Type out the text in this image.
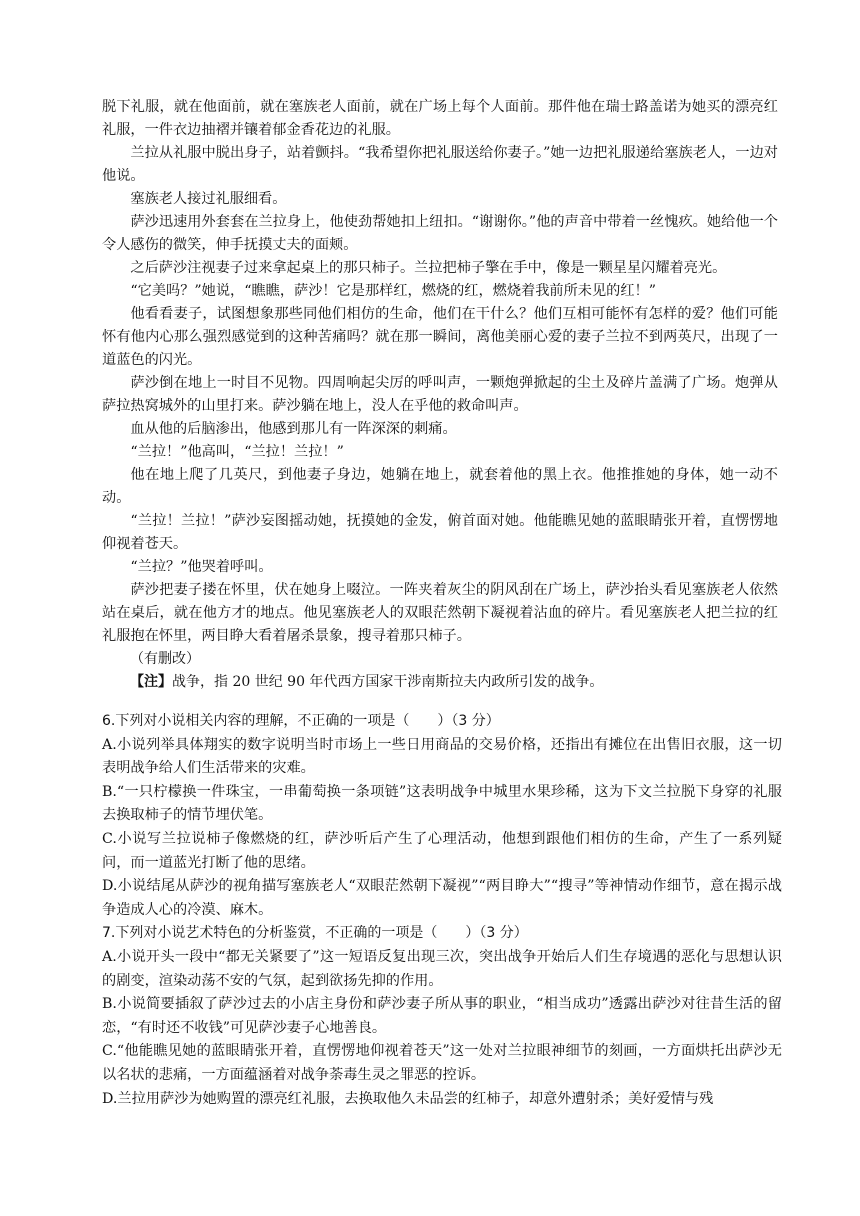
脱下礼服，就在他面前，就在塞族老人面前，就在广场上每个人面前。那件他在瑞士路盖诺为她买的漂亮红礼服，一件衣边抽褶并镶着郁金香花边的礼服。

兰拉从礼服中脱出身子，站着颤抖。“我希望你把礼服送给你妻子。”她一边把礼服递给塞族老人，一边对他说。

塞族老人接过礼服细看。

萨沙迅速用外套套在兰拉身上，他使劲帮她扣上纽扣。“谢谢你。”他的声音中带着一丝愧疚。她给他一个令人感伤的微笑，伸手抚摸丈夫的面颊。

之后萨沙注视妻子过来拿起桌上的那只柿子。兰拉把柿子擎在手中，像是一颗星星闪耀着亮光。

“它美吗？”她说，“瞧瞧，萨沙！它是那样红，燃烧的红，燃烧着我前所未见的红！”

他看看妻子，试图想象那些同他们相仿的生命，他们在干什么？他们互相可能怀有怎样的爱？他们可能怀有他内心那么强烈感觉到的这种苦痛吗？就在那一瞬间，离他美丽心爱的妻子兰拉不到两英尺，出现了一道蓝色的闪光。

萨沙倒在地上一时目不见物。四周响起尖厉的呼叫声，一颗炮弹掀起的尘土及碎片盖满了广场。炮弹从萨拉热窝城外的山里打来。萨沙躺在地上，没人在乎他的救命叫声。

血从他的后脑渗出，他感到那儿有一阵深深的刺痛。

“兰拉！”他高叫，“兰拉！兰拉！”

他在地上爬了几英尺，到他妻子身边，她躺在地上，就套着他的黑上衣。他推推她的身体，她一动不动。

“兰拉！兰拉！”萨沙妄图摇动她，抚摸她的金发，俯首面对她。他能瞧见她的蓝眼睛张开着，直愣愣地仰视着苍天。

“兰拉？”他哭着呼叫。

萨沙把妻子搂在怀里，伏在她身上啜泣。一阵夹着灰尘的阴风刮在广场上，萨沙抬头看见塞族老人依然站在桌后，就在他方才的地点。他见塞族老人的双眼茫然朝下凝视着沾血的碎片。看见塞族老人把兰拉的红礼服抱在怀里，两目睁大看着屠杀景象，搜寻着那只柿子。

（有删改）

【注】战争，指 20 世纪 90 年代西方国家干涉南斯拉夫内政所引发的战争。

6.下列对小说相关内容的理解，不正确的一项是（　　）（3 分）

A.小说列举具体翔实的数字说明当时市场上一些日用商品的交易价格，还指出有摊位在出售旧衣服，这一切表明战争给人们生活带来的灾难。

B.“一只柠檬换一件珠宝，一串葡萄换一条项链”这表明战争中城里水果珍稀，这为下文兰拉脱下身穿的礼服去换取柿子的情节埋伏笔。

C.小说写兰拉说柿子像燃烧的红，萨沙听后产生了心理活动，他想到跟他们相仿的生命，产生了一系列疑问，而一道蓝光打断了他的思绪。

D.小说结尾从萨沙的视角描写塞族老人“双眼茫然朝下凝视”“两目睁大”“搜寻”等神情动作细节，意在揭示战争造成人心的冷漠、麻木。

7.下列对小说艺术特色的分析鉴赏，不正确的一项是（　　）（3 分）

A.小说开头一段中“都无关紧要了”这一短语反复出现三次，突出战争开始后人们生存境遇的恶化与思想认识的剧变，渲染动荡不安的气氛，起到欲扬先抑的作用。

B.小说简要插叙了萨沙过去的小店主身份和萨沙妻子所从事的职业，“相当成功”透露出萨沙对往昔生活的留恋，“有时还不收钱”可见萨沙妻子心地善良。

C.“他能瞧见她的蓝眼睛张开着，直愣愣地仰视着苍天”这一处对兰拉眼神细节的刻画，一方面烘托出萨沙无以名状的悲痛，一方面蕴涵着对战争荼毒生灵之罪恶的控诉。

D.兰拉用萨沙为她购置的漂亮红礼服，去换取他久未品尝的红柿子，却意外遭射杀；美好爱情与残
